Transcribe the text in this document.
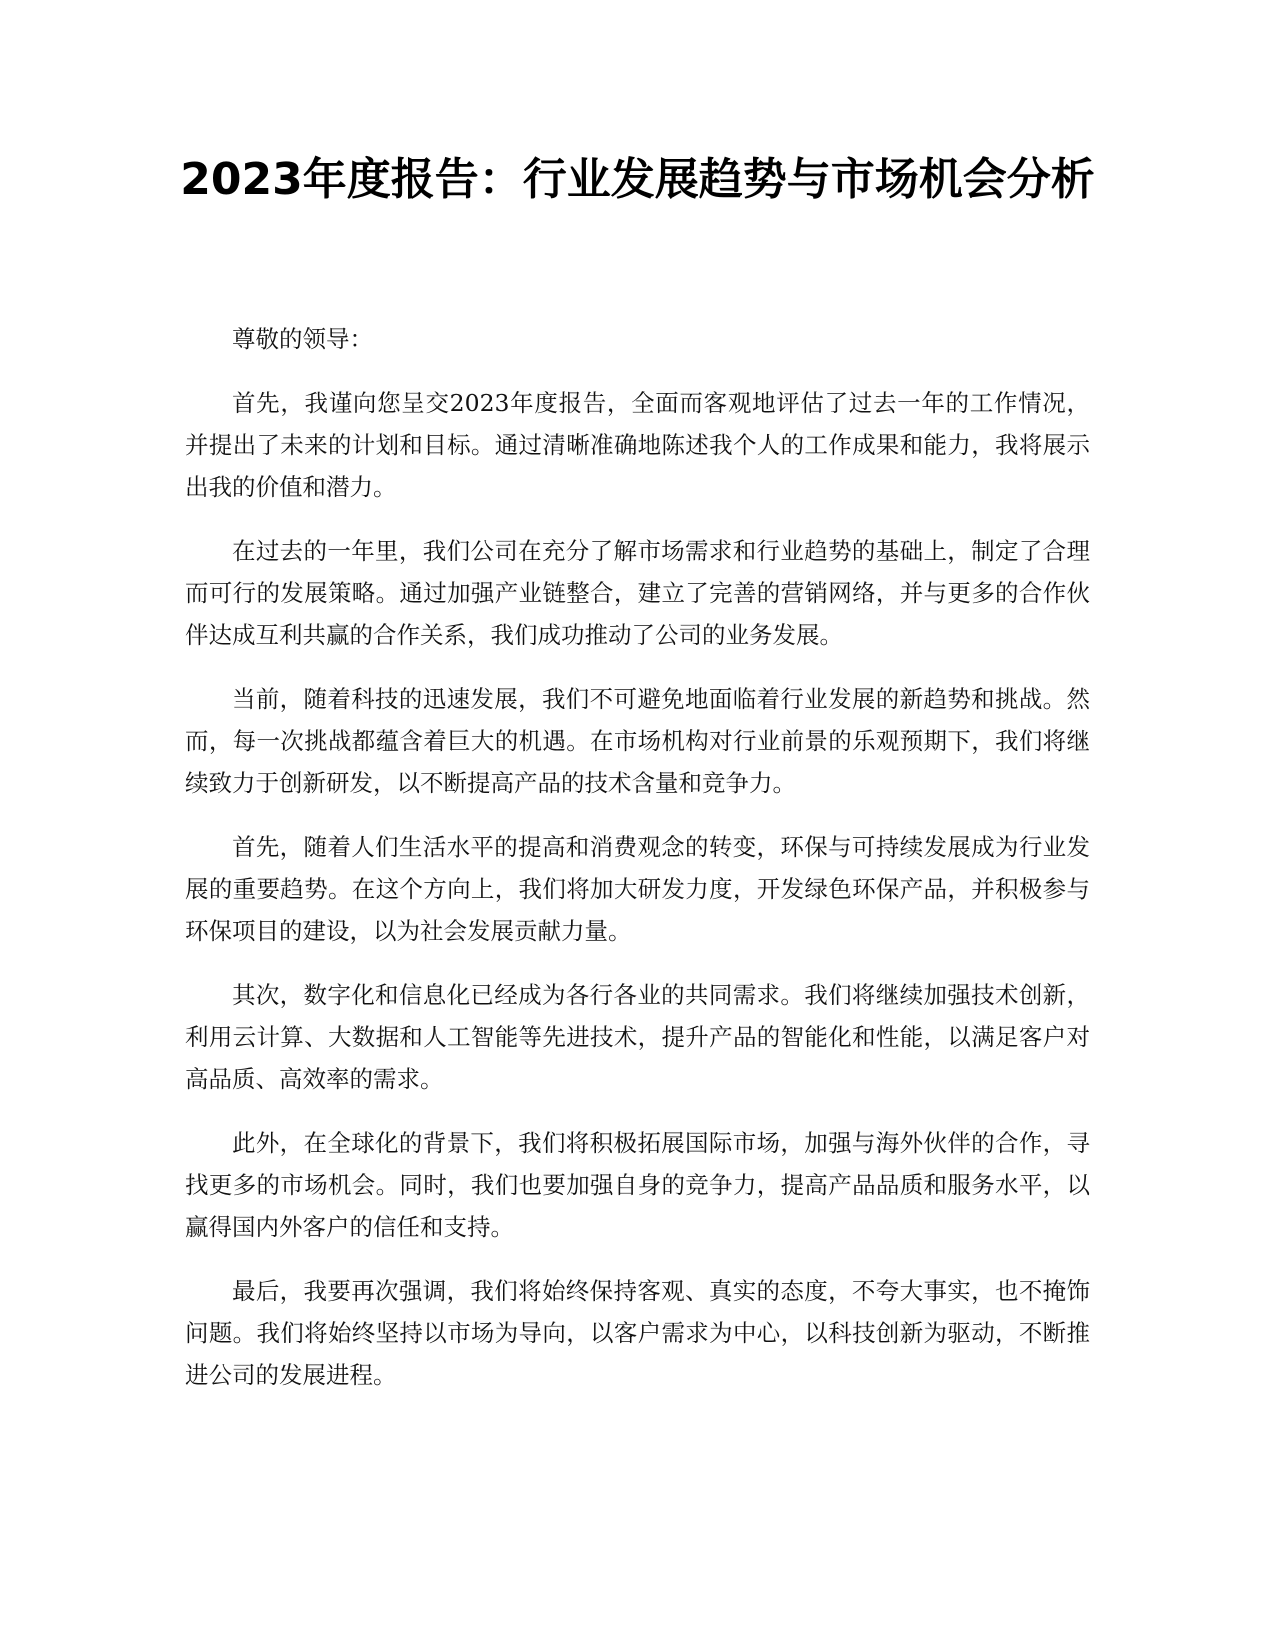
2023年度报告：行业发展趋势与市场机会分析

尊敬的领导：

首先，我谨向您呈交2023年度报告，全面而客观地评估了过去一年的工作情况，并提出了未来的计划和目标。通过清晰准确地陈述我个人的工作成果和能力，我将展示出我的价值和潜力。

在过去的一年里，我们公司在充分了解市场需求和行业趋势的基础上，制定了合理而可行的发展策略。通过加强产业链整合，建立了完善的营销网络，并与更多的合作伙伴达成互利共赢的合作关系，我们成功推动了公司的业务发展。

当前，随着科技的迅速发展，我们不可避免地面临着行业发展的新趋势和挑战。然而，每一次挑战都蕴含着巨大的机遇。在市场机构对行业前景的乐观预期下，我们将继续致力于创新研发，以不断提高产品的技术含量和竞争力。

首先，随着人们生活水平的提高和消费观念的转变，环保与可持续发展成为行业发展的重要趋势。在这个方向上，我们将加大研发力度，开发绿色环保产品，并积极参与环保项目的建设，以为社会发展贡献力量。

其次，数字化和信息化已经成为各行各业的共同需求。我们将继续加强技术创新，利用云计算、大数据和人工智能等先进技术，提升产品的智能化和性能，以满足客户对高品质、高效率的需求。

此外，在全球化的背景下，我们将积极拓展国际市场，加强与海外伙伴的合作，寻找更多的市场机会。同时，我们也要加强自身的竞争力，提高产品品质和服务水平，以赢得国内外客户的信任和支持。

最后，我要再次强调，我们将始终保持客观、真实的态度，不夸大事实，也不掩饰问题。我们将始终坚持以市场为导向，以客户需求为中心，以科技创新为驱动，不断推进公司的发展进程。
